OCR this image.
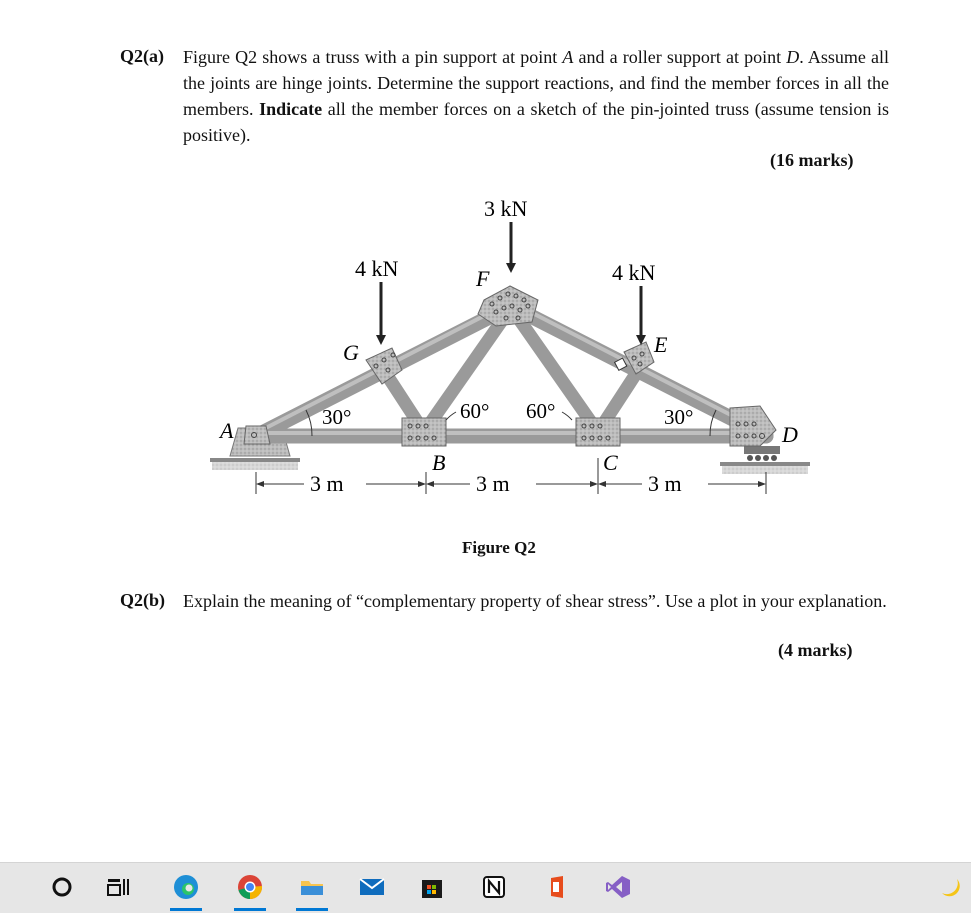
Q2(a) Figure Q2 shows a truss with a pin support at point A and a roller support at point D. Assume all the joints are hinge joints. Determine the support reactions, and find the member forces in all the members. Indicate all the member forces on a sketch of the pin-jointed truss (assume tension is positive).
(16 marks)
3 kN
4 kN	4 kN
F
G	E
A	D
B	C
30°	60° 60°	30°
3 m	3 m	3 m
Figure Q2
Q2(b) Explain the meaning of “complementary property of shear stress”. Use a plot in your explanation.
(4 marks)
